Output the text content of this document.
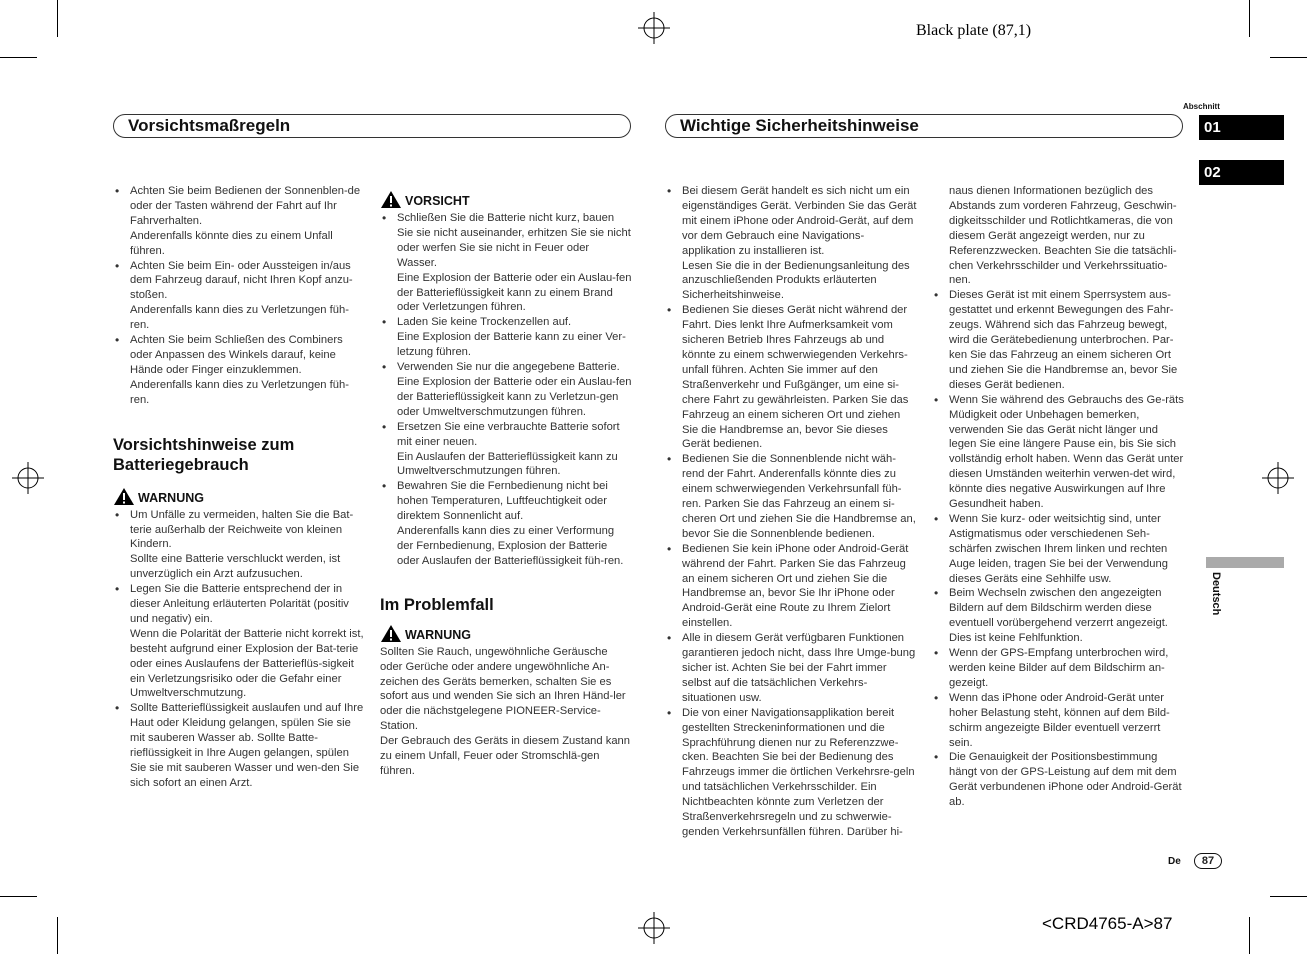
Black plate (87,1)
<CRD4765-A>87
Vorsichtsmaßregeln	Wichtige Sicherheitshinweise
Abschnitt
01
02
Deutsch
De	87
• Achten Sie beim Bedienen der Sonnenblen-de oder der Tasten während der Fahrt auf Ihr Fahrverhalten.
Anderenfalls könnte dies zu einem Unfall führen.
• Achten Sie beim Ein- oder Aussteigen in/aus dem Fahrzeug darauf, nicht Ihren Kopf anzu-stoßen.
Anderenfalls kann dies zu Verletzungen füh-ren.
• Achten Sie beim Schließen des Combiners oder Anpassen des Winkels darauf, keine Hände oder Finger einzuklemmen.
Anderenfalls kann dies zu Verletzungen füh-ren.
Vorsichtshinweise zum Batteriegebrauch
WARNUNG
• Um Unfälle zu vermeiden, halten Sie die Bat-terie außerhalb der Reichweite von kleinen Kindern.
Sollte eine Batterie verschluckt werden, ist unverzüglich ein Arzt aufzusuchen.
• Legen Sie die Batterie entsprechend der in dieser Anleitung erläuterten Polarität (positiv und negativ) ein.
Wenn die Polarität der Batterie nicht korrekt ist, besteht aufgrund einer Explosion der Bat-terie oder eines Auslaufens der Batterieflüs-sigkeit ein Verletzungsrisiko oder die Gefahr einer Umweltverschmutzung.
• Sollte Batterieflüssigkeit auslaufen und auf Ihre Haut oder Kleidung gelangen, spülen Sie sie mit sauberen Wasser ab. Sollte Batte-rieflüssigkeit in Ihre Augen gelangen, spülen Sie sie mit sauberen Wasser und wen-den Sie sich sofort an einen Arzt.
VORSICHT
• Schließen Sie die Batterie nicht kurz, bauen Sie sie nicht auseinander, erhitzen Sie sie nicht oder werfen Sie sie nicht in Feuer oder Wasser.
Eine Explosion der Batterie oder ein Auslau-fen der Batterieflüssigkeit kann zu einem Brand oder Verletzungen führen.
• Laden Sie keine Trockenzellen auf.
Eine Explosion der Batterie kann zu einer Ver-letzung führen.
• Verwenden Sie nur die angegebene Batterie.
Eine Explosion der Batterie oder ein Auslau-fen der Batterieflüssigkeit kann zu Verletzun-gen oder Umweltverschmutzungen führen.
• Ersetzen Sie eine verbrauchte Batterie sofort mit einer neuen.
Ein Auslaufen der Batterieflüssigkeit kann zu Umweltverschmutzungen führen.
• Bewahren Sie die Fernbedienung nicht bei hohen Temperaturen, Luftfeuchtigkeit oder direktem Sonnenlicht auf.
Anderenfalls kann dies zu einer Verformung der Fernbedienung, Explosion der Batterie oder Auslaufen der Batterieflüssigkeit füh-ren.
Im Problemfall
WARNUNG

Sollten Sie Rauch, ungewöhnliche Geräusche oder Gerüche oder andere ungewöhnliche An-zeichen des Geräts bemerken, schalten Sie es sofort aus und wenden Sie sich an Ihren Händ-ler oder die nächstgelegene PIONEER-Service-Station.

Der Gebrauch des Geräts in diesem Zustand kann zu einem Unfall, Feuer oder Stromschlä-gen führen.

• Bei diesem Gerät handelt es sich nicht um ein eigenständiges Gerät. Verbinden Sie das Gerät mit einem iPhone oder Android-Gerät, auf dem vor dem Gebrauch eine Navigations-applikation zu installieren ist.
Lesen Sie die in der Bedienungsanleitung des anzuschließenden Produkts erläuterten Sicherheitshinweise.
• Bedienen Sie dieses Gerät nicht während der Fahrt. Dies lenkt Ihre Aufmerksamkeit vom sicheren Betrieb Ihres Fahrzeugs ab und könnte zu einem schwerwiegenden Verkehrs-unfall führen. Achten Sie immer auf den Straßenverkehr und Fußgänger, um eine si-chere Fahrt zu gewährleisten. Parken Sie das Fahrzeug an einem sicheren Ort und ziehen Sie die Handbremse an, bevor Sie dieses Gerät bedienen.
• Bedienen Sie die Sonnenblende nicht wäh-rend der Fahrt. Anderenfalls könnte dies zu einem schwerwiegenden Verkehrsunfall füh-ren. Parken Sie das Fahrzeug an einem si-cheren Ort und ziehen Sie die Handbremse an, bevor Sie die Sonnenblende bedienen.
• Bedienen Sie kein iPhone oder Android-Gerät während der Fahrt. Parken Sie das Fahrzeug an einem sicheren Ort und ziehen Sie die Handbremse an, bevor Sie Ihr iPhone oder Android-Gerät eine Route zu Ihrem Zielort einstellen.
• Alle in diesem Gerät verfügbaren Funktionen garantieren jedoch nicht, dass Ihre Umge-bung sicher ist. Achten Sie bei der Fahrt immer selbst auf die tatsächlichen Verkehrs-situationen usw.
• Die von einer Navigationsapplikation bereit gestellten Streckeninformationen und die Sprachführung dienen nur zu Referenzzwe-cken. Beachten Sie bei der Bedienung des Fahrzeugs immer die örtlichen Verkehrsre-geln und tatsächlichen Verkehrsschilder. Ein Nichtbeachten könnte zum Verletzen der Straßenverkehrsregeln und zu schwerwie-genden Verkehrsunfällen führen. Darüber hi-

naus dienen Informationen bezüglich des Abstands zum vorderen Fahrzeug, Geschwin-digkeitsschilder und Rotlichtkameras, die von diesem Gerät angezeigt werden, nur zu Referenzzwecken. Beachten Sie die tatsächli-chen Verkehrsschilder und Verkehrssituatio-nen.

• Dieses Gerät ist mit einem Sperrsystem aus-gestattet und erkennt Bewegungen des Fahr-zeugs. Während sich das Fahrzeug bewegt, wird die Gerätebedienung unterbrochen. Par-ken Sie das Fahrzeug an einem sicheren Ort und ziehen Sie die Handbremse an, bevor Sie dieses Gerät bedienen.
• Wenn Sie während des Gebrauchs des Ge-räts Müdigkeit oder Unbehagen bemerken, verwenden Sie das Gerät nicht länger und legen Sie eine längere Pause ein, bis Sie sich vollständig erholt haben. Wenn das Gerät unter diesen Umständen weiterhin verwen-det wird, könnte dies negative Auswirkungen auf Ihre Gesundheit haben.
• Wenn Sie kurz- oder weitsichtig sind, unter Astigmatismus oder verschiedenen Seh-schärfen zwischen Ihrem linken und rechten Auge leiden, tragen Sie bei der Verwendung dieses Geräts eine Sehhilfe usw.
• Beim Wechseln zwischen den angezeigten Bildern auf dem Bildschirm werden diese eventuell vorübergehend verzerrt angezeigt. Dies ist keine Fehlfunktion.
• Wenn der GPS-Empfang unterbrochen wird, werden keine Bilder auf dem Bildschirm an-gezeigt.
• Wenn das iPhone oder Android-Gerät unter hoher Belastung steht, können auf dem Bild-schirm angezeigte Bilder eventuell verzerrt sein.
• Die Genauigkeit der Positionsbestimmung hängt von der GPS-Leistung auf dem mit dem Gerät verbundenen iPhone oder Android-Gerät ab.
